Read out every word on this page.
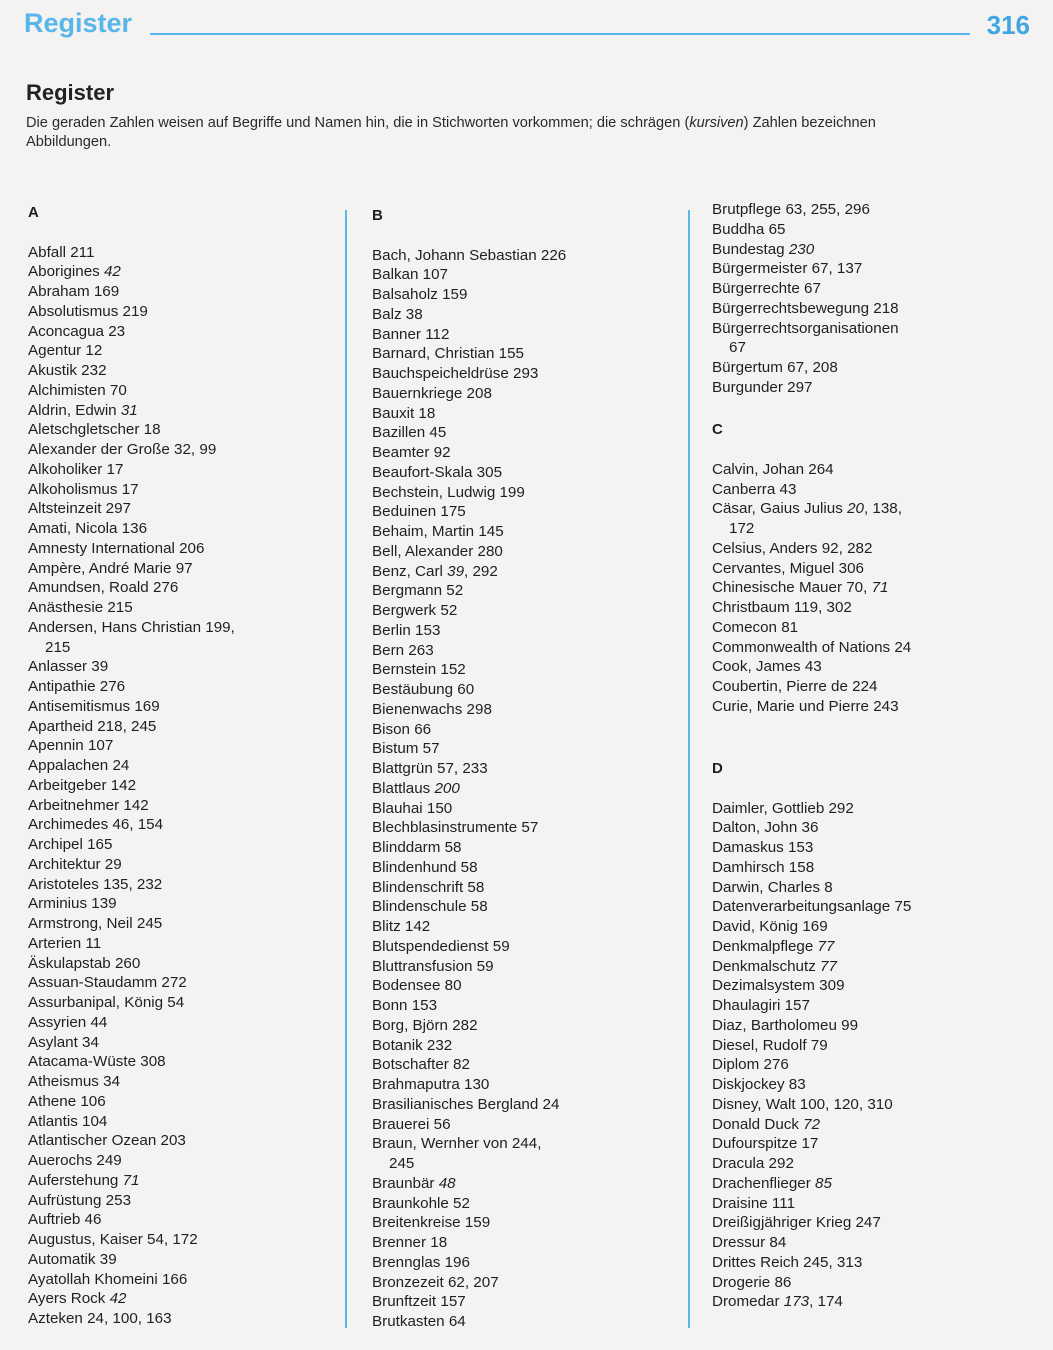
Register	316
Register
Die geraden Zahlen weisen auf Begriffe und Namen hin, die in Stichworten vorkommen; die schrägen (kursiven) Zahlen bezeichnen Abbildungen.
A
Abfall 211
Aborigines 42
Abraham 169
Absolutismus 219
Aconcagua 23
Agentur 12
Akustik 232
Alchimisten 70
Aldrin, Edwin 31
Aletschgletscher 18
Alexander der Große 32, 99
Alkoholiker 17
Alkoholismus 17
Altsteinzeit 297
Amati, Nicola 136
Amnesty International 206
Ampère, André Marie 97
Amundsen, Roald 276
Anästhesie 215
Andersen, Hans Christian 199,
215
Anlasser 39
Antipathie 276
Antisemitismus 169
Apartheid 218, 245
Apennin 107
Appalachen 24
Arbeitgeber 142
Arbeitnehmer 142
Archimedes 46, 154
Archipel 165
Architektur 29
Aristoteles 135, 232
Arminius 139
Armstrong, Neil 245
Arterien 11
Äskulapstab 260
Assuan-Staudamm 272
Assurbanipal, König 54
Assyrien 44
Asylant 34
Atacama-Wüste 308
Atheismus 34
Athene 106
Atlantis 104
Atlantischer Ozean 203
Auerochs 249
Auferstehung 71
Aufrüstung 253
Auftrieb 46
Augustus, Kaiser 54, 172
Automatik 39
Ayatollah Khomeini 166
Ayers Rock 42
Azteken 24, 100, 163
B
Bach, Johann Sebastian 226
Balkan 107
Balsaholz 159
Balz 38
Banner 112
Barnard, Christian 155
Bauchspeicheldrüse 293
Bauernkriege 208
Bauxit 18
Bazillen 45
Beamter 92
Beaufort-Skala 305
Bechstein, Ludwig 199
Beduinen 175
Behaim, Martin 145
Bell, Alexander 280
Benz, Carl 39, 292
Bergmann 52
Bergwerk 52
Berlin 153
Bern 263
Bernstein 152
Bestäubung 60
Bienenwachs 298
Bison 66
Bistum 57
Blattgrün 57, 233
Blattlaus 200
Blauhai 150
Blechblasinstrumente 57
Blinddarm 58
Blindenhund 58
Blindenschrift 58
Blindenschule 58
Blitz 142
Blutspendedienst 59
Bluttransfusion 59
Bodensee 80
Bonn 153
Borg, Björn 282
Botanik 232
Botschafter 82
Brahmaputra 130
Brasilianisches Bergland 24
Brauerei 56
Braun, Wernher von 244,
245
Braunbär 48
Braunkohle 52
Breitenkreise 159
Brenner 18
Brennglas 196
Bronzezeit 62, 207
Brunftzeit 157
Brutkasten 64
Brutpflege 63, 255, 296
Buddha 65
Bundestag 230
Bürgermeister 67, 137
Bürgerrechte 67
Bürgerrechtsbewegung 218
Bürgerrechtsorganisationen
67
Bürgertum 67, 208
Burgunder 297
C
Calvin, Johan 264
Canberra 43
Cäsar, Gaius Julius 20, 138,
172
Celsius, Anders 92, 282
Cervantes, Miguel 306
Chinesische Mauer 70, 71
Christbaum 119, 302
Comecon 81
Commonwealth of Nations 24
Cook, James 43
Coubertin, Pierre de 224
Curie, Marie und Pierre 243
D
Daimler, Gottlieb 292
Dalton, John 36
Damaskus 153
Damhirsch 158
Darwin, Charles 8
Datenverarbeitungsanlage 75
David, König 169
Denkmalpflege 77
Denkmalschutz 77
Dezimalsystem 309
Dhaulagiri 157
Diaz, Bartholomeu 99
Diesel, Rudolf 79
Diplom 276
Diskjockey 83
Disney, Walt 100, 120, 310
Donald Duck 72
Dufourspitze 17
Dracula 292
Drachenflieger 85
Draisine 111
Dreißigjähriger Krieg 247
Dressur 84
Drittes Reich 245, 313
Drogerie 86
Dromedar 173, 174
